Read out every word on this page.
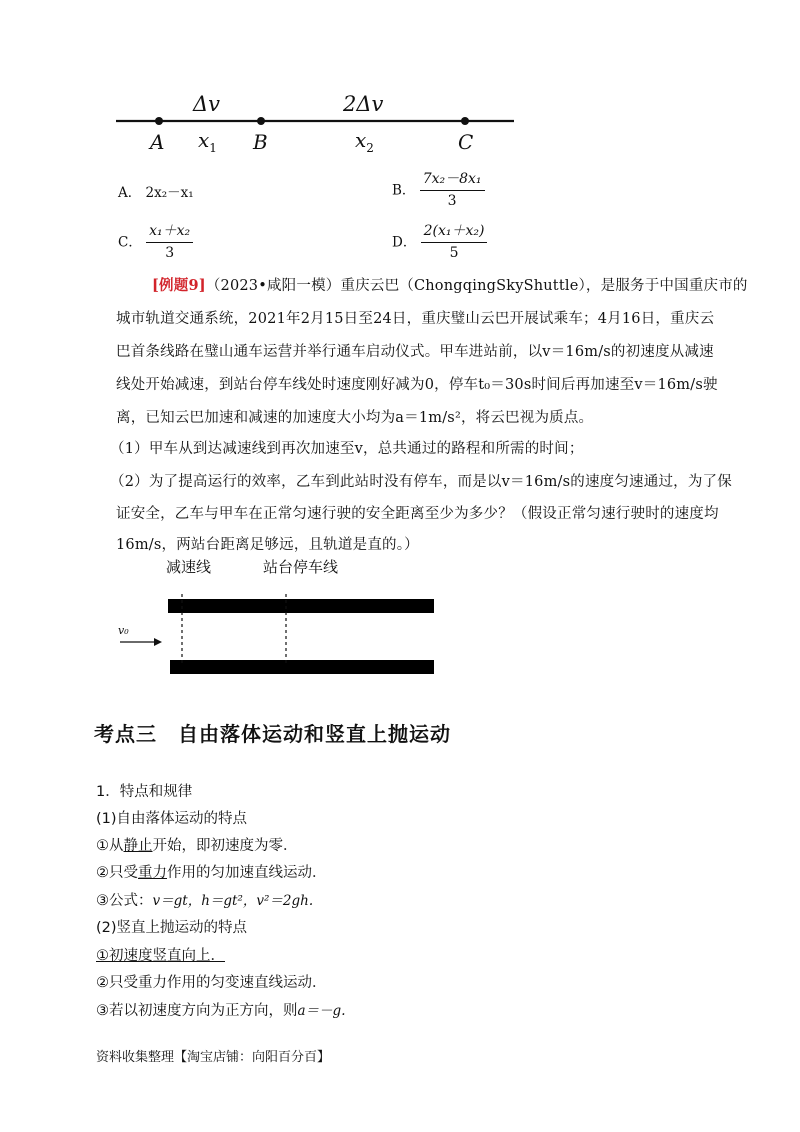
Δv	2Δv
A	B	C
$x_1$	$x_2$
A． 2x₂－x₁	B． $\frac{\text{7x₂－8x₁}}{3}$
C． $\frac{\text{x₁＋x₂}}{3}$	D． $\frac{\text{2(x₁＋x₂)}}{5}$
[例题9]（2023•咸阳一模）重庆云巴（ChongqingSkyShuttle），是服务于中国重庆市的
城市轨道交通系统，2021年2月15日至24日，重庆璧山云巴开展试乘车；4月16日，重庆云
巴首条线路在璧山通车运营并举行通车启动仪式。甲车进站前，以v＝16m/s的初速度从减速
线处开始减速，到站台停车线处时速度刚好减为0，停车t₀＝30s时间后再加速至v＝16m/s驶
离，已知云巴加速和减速的加速度大小均为a＝1m/s²，将云巴视为质点。
（1）甲车从到达减速线到再次加速至v，总共通过的路程和所需的时间；
（2）为了提高运行的效率，乙车到此站时没有停车，而是以v＝16m/s的速度匀速通过，为了保
证安全，乙车与甲车在正常匀速行驶的安全距离至少为多少？（假设正常匀速行驶时的速度均
16m/s，两站台距离足够远，且轨道是直的。）
减速线	站台停车线
v₀
考点三　自由落体运动和竖直上抛运动
1．特点和规律
(1)自由落体运动的特点
①从静止开始，即初速度为零．
②只受重力作用的匀加速直线运动．
③公式：v＝gt，h＝gt²，v²＝2gh.
(2)竖直上抛运动的特点
①初速度竖直向上．
②只受重力作用的匀变速直线运动．
③若以初速度方向为正方向，则a＝－g.
资料收集整理【淘宝店铺：向阳百分百】
